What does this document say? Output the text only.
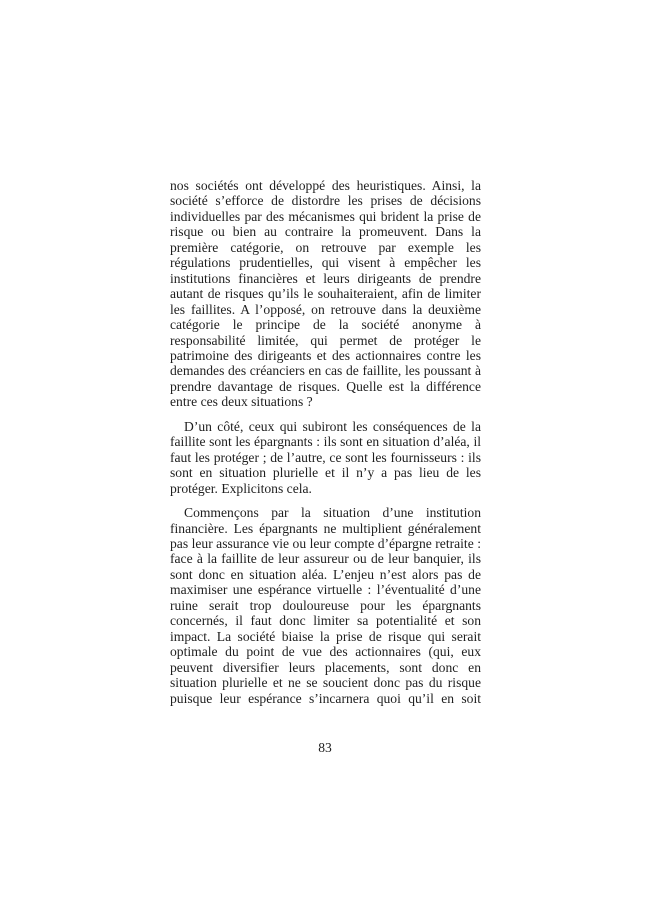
nos sociétés ont développé des heuristiques. Ainsi, la société s’efforce de distordre les prises de décisions individuelles par des mécanismes qui brident la prise de risque ou bien au contraire la promeuvent. Dans la première catégorie, on retrouve par exemple les régulations prudentielles, qui visent à empêcher les institutions financières et leurs dirigeants de prendre autant de risques qu’ils le souhaiteraient, afin de limiter les faillites. A l’opposé, on retrouve dans la deuxième catégorie le principe de la société anonyme à responsabilité limitée, qui permet de protéger le patrimoine des dirigeants et des actionnaires contre les demandes des créanciers en cas de faillite, les poussant à prendre davantage de risques. Quelle est la différence entre ces deux situations ?

D’un côté, ceux qui subiront les conséquences de la faillite sont les épargnants : ils sont en situation d’aléa, il faut les protéger ; de l’autre, ce sont les fournisseurs : ils sont en situation plurielle et il n’y a pas lieu de les protéger. Explicitons cela.

Commençons par la situation d’une institution financière. Les épargnants ne multiplient généralement pas leur assurance vie ou leur compte d’épargne retraite : face à la faillite de leur assureur ou de leur banquier, ils sont donc en situation aléa. L’enjeu n’est alors pas de maximiser une espérance virtuelle : l’éventualité d’une ruine serait trop douloureuse pour les épargnants concernés, il faut donc limiter sa potentialité et son impact. La société biaise la prise de risque qui serait optimale du point de vue des actionnaires (qui, eux peuvent diversifier leurs placements, sont donc en situation plurielle et ne se soucient donc pas du risque puisque leur espérance s’incarnera quoi qu’il en soit

83
